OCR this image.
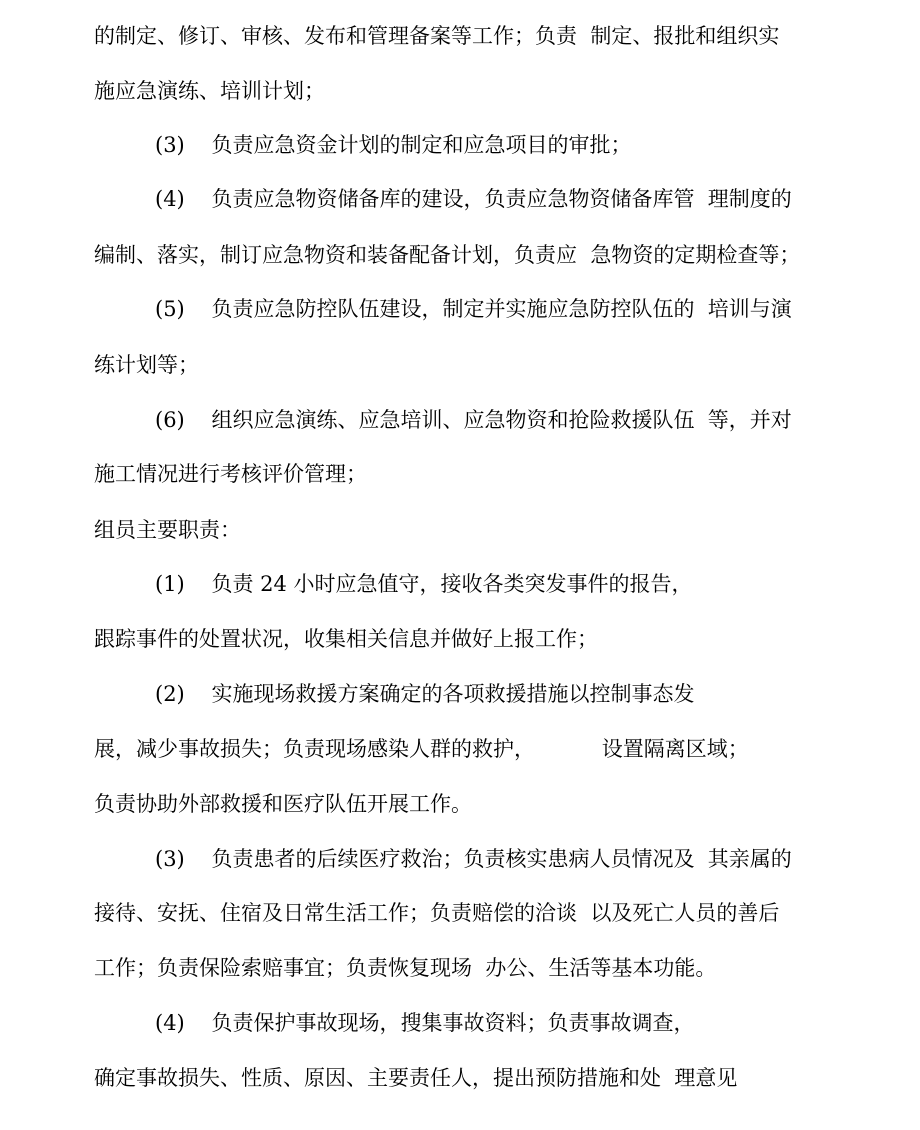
的制定、修订、审核、发布和管理备案等工作；负责  制定、报批和组织实
施应急演练、培训计划；
(3)    负责应急资金计划的制定和应急项目的审批；
(4)    负责应急物资储备库的建设，负责应急物资储备库管  理制度的
编制、落实，制订应急物资和装备配备计划，负责应  急物资的定期检查等；
(5)    负责应急防控队伍建设，制定并实施应急防控队伍的  培训与演
练计划等；
(6)    组织应急演练、应急培训、应急物资和抢险救援队伍  等，并对
施工情况进行考核评价管理；
组员主要职责：
(1)    负责 24 小时应急值守，接收各类突发事件的报告，
跟踪事件的处置状况，收集相关信息并做好上报工作；
(2)    实施现场救援方案确定的各项救援措施以控制事态发
展，减少事故损失；负责现场感染人群的救护，          设置隔离区域；
负责协助外部救援和医疗队伍开展工作。
(3)    负责患者的后续医疗救治；负责核实患病人员情况及  其亲属的
接待、安抚、住宿及日常生活工作；负责赔偿的洽谈  以及死亡人员的善后
工作；负责保险索赔事宜；负责恢复现场  办公、生活等基本功能。
(4)    负责保护事故现场，搜集事故资料；负责事故调查，
确定事故损失、性质、原因、主要责任人，提出预防措施和处  理意见
